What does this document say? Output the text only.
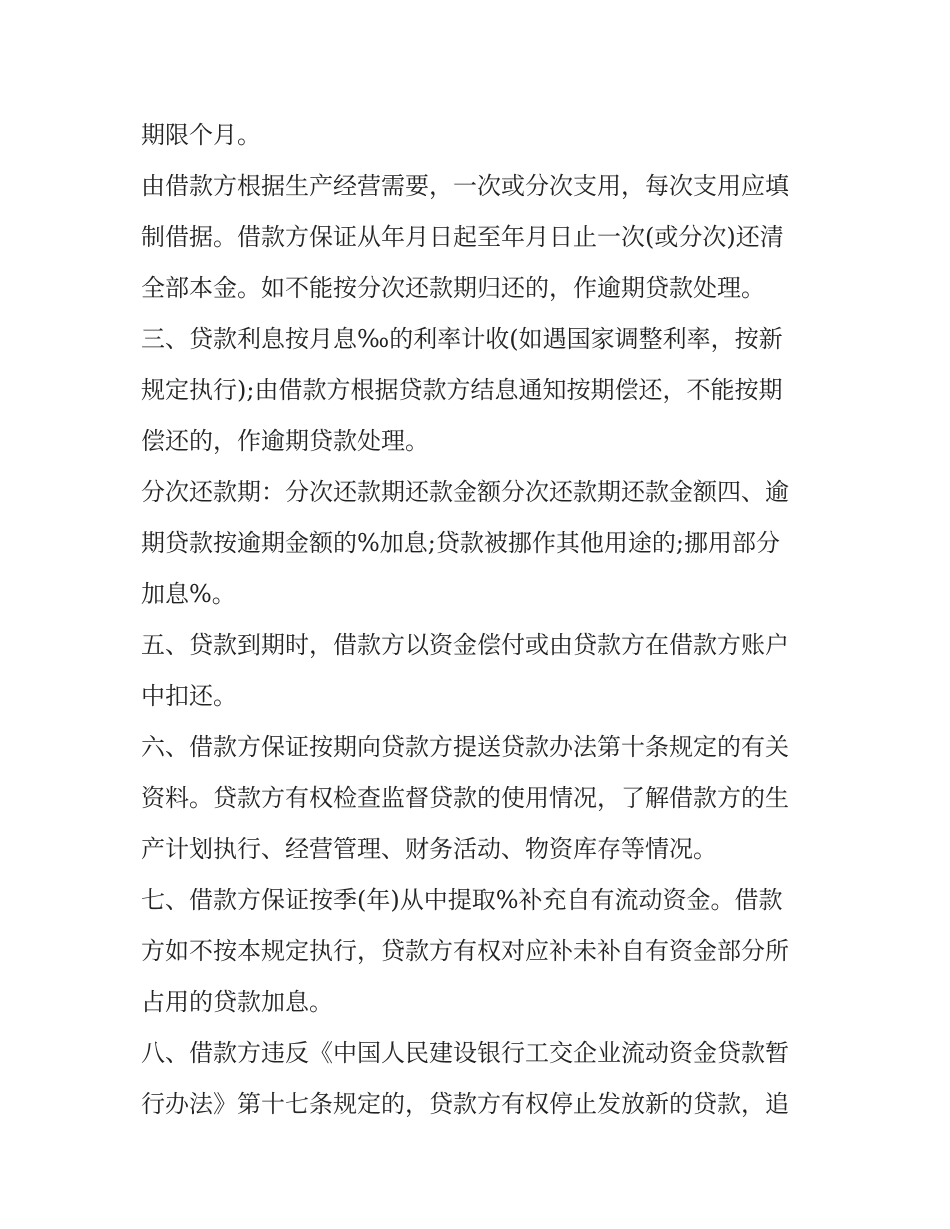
期限个月。
由借款方根据生产经营需要，一次或分次支用，每次支用应填
制借据。借款方保证从年月日起至年月日止一次(或分次)还清
全部本金。如不能按分次还款期归还的，作逾期贷款处理。
三、贷款利息按月息‰的利率计收(如遇国家调整利率，按新
规定执行);由借款方根据贷款方结息通知按期偿还，不能按期
偿还的，作逾期贷款处理。
分次还款期：分次还款期还款金额分次还款期还款金额四、逾
期贷款按逾期金额的%加息;贷款被挪作其他用途的;挪用部分
加息%。
五、贷款到期时，借款方以资金偿付或由贷款方在借款方账户
中扣还。
六、借款方保证按期向贷款方提送贷款办法第十条规定的有关
资料。贷款方有权检查监督贷款的使用情况，了解借款方的生
产计划执行、经营管理、财务活动、物资库存等情况。
七、借款方保证按季(年)从中提取%补充自有流动资金。借款
方如不按本规定执行，贷款方有权对应补未补自有资金部分所
占用的贷款加息。
八、借款方违反《中国人民建设银行工交企业流动资金贷款暂
行办法》第十七条规定的，贷款方有权停止发放新的贷款，追
